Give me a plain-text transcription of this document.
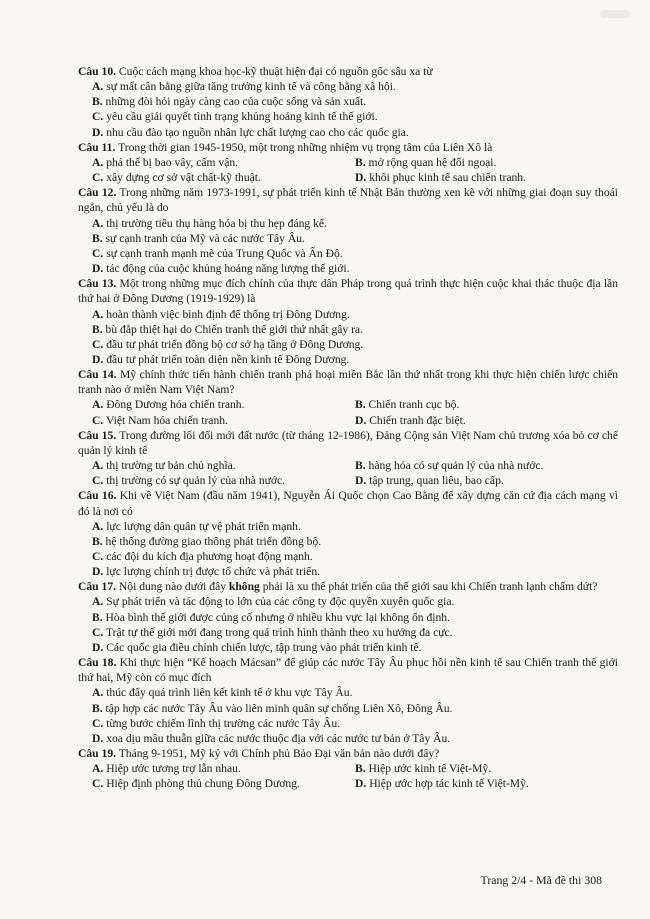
Câu 10. Cuộc cách mạng khoa học-kỹ thuật hiện đại có nguồn gốc sâu xa từ
A. sự mất cân bằng giữa tăng trưởng kinh tế và công bằng xã hội.
B. những đòi hỏi ngày càng cao của cuộc sống và sản xuất.
C. yêu cầu giải quyết tình trạng khủng hoảng kinh tế thế giới.
D. nhu cầu đào tạo nguồn nhân lực chất lượng cao cho các quốc gia.
Câu 11. Trong thời gian 1945-1950, một trong những nhiệm vụ trọng tâm của Liên Xô là
A. phá thế bị bao vây, cấm vận.	B. mở rộng quan hệ đối ngoại.
C. xây dựng cơ sở vật chất-kỹ thuật.	D. khôi phục kinh tế sau chiến tranh.
Câu 12. Trong những năm 1973-1991, sự phát triển kinh tế Nhật Bản thường xen kẽ với những giai đoạn suy thoái ngắn, chủ yếu là do
A. thị trường tiêu thụ hàng hóa bị thu hẹp đáng kể.
B. sự cạnh tranh của Mỹ và các nước Tây Âu.
C. sự cạnh tranh mạnh mẽ của Trung Quốc và Ấn Độ.
D. tác động của cuộc khủng hoảng năng lượng thế giới.
Câu 13. Một trong những mục đích chính của thực dân Pháp trong quá trình thực hiện cuộc khai thác thuộc địa lần thứ hai ở Đông Dương (1919-1929) là
A. hoàn thành việc bình định để thống trị Đông Dương.
B. bù đắp thiệt hại do Chiến tranh thế giới thứ nhất gây ra.
C. đầu tư phát triển đồng bộ cơ sở hạ tầng ở Đông Dương.
D. đầu tư phát triển toàn diện nền kinh tế Đông Dương.
Câu 14. Mỹ chính thức tiến hành chiến tranh phá hoại miền Bắc lần thứ nhất trong khi thực hiện chiến lược chiến tranh nào ở miền Nam Việt Nam?
A. Đông Dương hóa chiến tranh.	B. Chiến tranh cục bộ.
C. Việt Nam hóa chiến tranh.	D. Chiến tranh đặc biệt.
Câu 15. Trong đường lối đổi mới đất nước (từ tháng 12-1986), Đảng Cộng sản Việt Nam chủ trương xóa bỏ cơ chế quản lý kinh tế
A. thị trường tư bản chủ nghĩa.	B. hàng hóa có sự quản lý của nhà nước.
C. thị trường có sự quản lý của nhà nước.	D. tập trung, quan liêu, bao cấp.
Câu 16. Khi về Việt Nam (đầu năm 1941), Nguyễn Ái Quốc chọn Cao Bằng để xây dựng căn cứ địa cách mạng vì đó là nơi có
A. lực lượng dân quân tự vệ phát triển mạnh.
B. hệ thống đường giao thông phát triển đồng bộ.
C. các đội du kích địa phương hoạt động mạnh.
D. lực lượng chính trị được tổ chức và phát triển.
Câu 17. Nội dung nào dưới đây không phải là xu thế phát triển của thế giới sau khi Chiến tranh lạnh chấm dứt?
A. Sự phát triển và tác động to lớn của các công ty độc quyền xuyên quốc gia.
B. Hòa bình thế giới được củng cố nhưng ở nhiều khu vực lại không ổn định.
C. Trật tự thế giới mới đang trong quá trình hình thành theo xu hướng đa cực.
D. Các quốc gia điều chỉnh chiến lược, tập trung vào phát triển kinh tế.
Câu 18. Khi thực hiện “Kế hoạch Mácsan” để giúp các nước Tây Âu phục hồi nền kinh tế sau Chiến tranh thế giới thứ hai, Mỹ còn có mục đích
A. thúc đẩy quá trình liên kết kinh tế ở khu vực Tây Âu.
B. tập hợp các nước Tây Âu vào liên minh quân sự chống Liên Xô, Đông Âu.
C. từng bước chiếm lĩnh thị trường các nước Tây Âu.
D. xoa dịu mâu thuẫn giữa các nước thuộc địa với các nước tư bản ở Tây Âu.
Câu 19. Tháng 9-1951, Mỹ ký với Chính phủ Bảo Đại văn bản nào dưới đây?
A. Hiệp ước tương trợ lẫn nhau.	B. Hiệp ước kinh tế Việt-Mỹ.
C. Hiệp định phòng thủ chung Đông Dương.	D. Hiệp ước hợp tác kinh tế Việt-Mỹ.
Trang 2/4 - Mã đề thi 308
